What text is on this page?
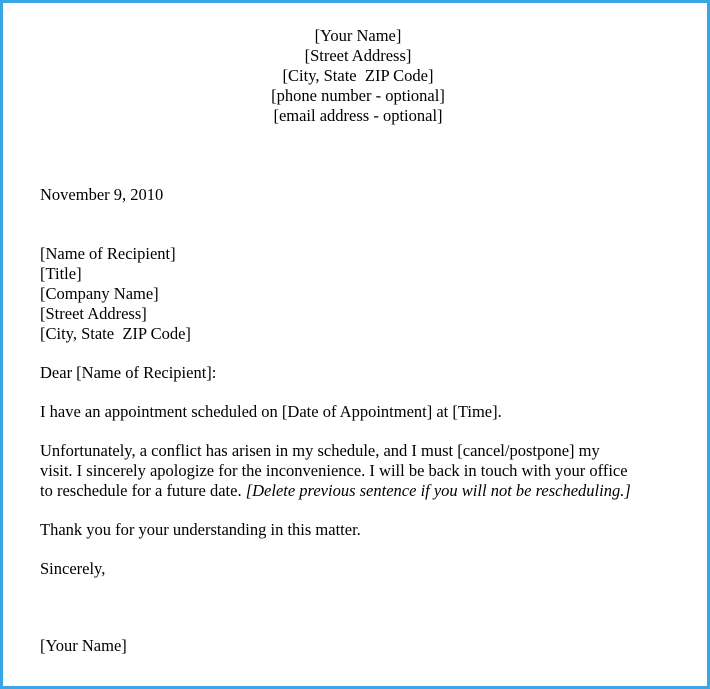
[Your Name]
[Street Address]
[City, State  ZIP Code]
[phone number - optional]
[email address - optional]
November 9, 2010
[Name of Recipient]
[Title]
[Company Name]
[Street Address]
[City, State  ZIP Code]
Dear [Name of Recipient]:
I have an appointment scheduled on [Date of Appointment] at [Time].
Unfortunately, a conflict has arisen in my schedule, and I must [cancel/postpone] my
visit. I sincerely apologize for the inconvenience. I will be back in touch with your office
to reschedule for a future date. [Delete previous sentence if you will not be rescheduling.]
Thank you for your understanding in this matter.
Sincerely,
[Your Name]
